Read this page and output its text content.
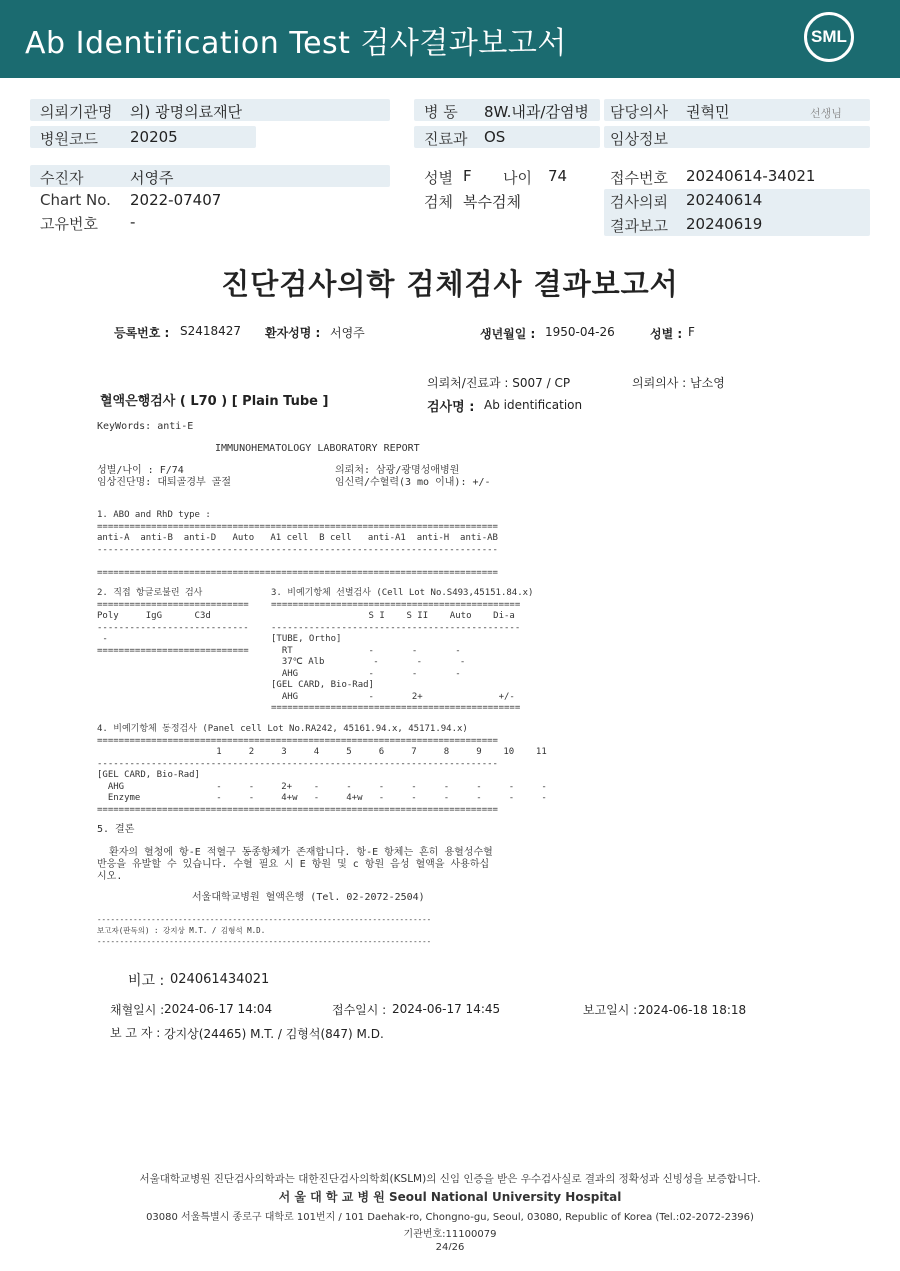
Ab Identification Test 검사결과보고서	SML
의뢰기관명 의) 광명의료재단	병 동 8W.내과/감염병 담당의사 권혁민	선생님
병원코드 20205	진료과 OS	임상정보
수진자	서영주	성별 F 나이 74	접수번호 20240614-34021
Chart No. 2022-07407	검체 복수검체	검사의뢰 20240614
고유번호 -	결과보고 20240619
진단검사의학 검체검사 결과보고서
등록번호 : S2418427 환자성명 : 서영주	생년월일 : 1950-04-26	성별 : F
의뢰처/진료과 : S007 / CP	의뢰의사 : 남소영
혈액은행검사 ( L70 ) [ Plain Tube ]	검사명 : Ab identification
KeyWords: anti-E
IMMUNOHEMATOLOGY LABORATORY REPORT
성별/나이 : F/74
임상진단명: 대퇴골경부 골절
의뢰처: 삼광/광명성애병원
임신력/수혈력(3 mo 이내): +/-
1. ABO and RhD type :
==========================================================================
anti-A  anti-B  anti-D   Auto   A1 cell  B cell   anti-A1  anti-H  anti-AB
--------------------------------------------------------------------------

==========================================================================
2. 직접 항글로불린 검사
============================
Poly     IgG      C3d
----------------------------
-
============================
3. 비예기항체 선별검사 (Cell Lot No.S493,45151.84.x)
==============================================
S I    S II    Auto    Di-a
----------------------------------------------
[TUBE, Ortho]
RT              -       -       -
37℃ Alb         -       -       -
AHG             -       -       -
[GEL CARD, Bio-Rad]
AHG             -       2+              +/-
==============================================
4. 비예기항체 동정검사 (Panel cell Lot No.RA242, 45161.94.x, 45171.94.x)
==========================================================================
1     2     3     4     5     6     7     8     9    10    11
--------------------------------------------------------------------------
[GEL CARD, Bio-Rad]
AHG                 -     -     2+    -     -     -     -     -     -     -     -
Enzyme              -     -     4+w   -     4+w   -     -     -     -     -     -
==========================================================================
5. 결론
환자의 혈청에 항-E 적혈구 동종항체가 존재합니다. 항-E 항체는 흔히 용혈성수혈
반응을 유발할 수 있습니다. 수혈 필요 시 E 항원 및 c 항원 음성 혈액을 사용하십
시오.
서울대학교병원 혈액은행 (Tel. 02-2072-2504)
--------------------------------------------------------------------------
보고자(판독의) : 강지상 M.T. / 김형석 M.D.
--------------------------------------------------------------------------
비고 : 024061434021
채혈일시 : 2024-06-17 14:04	접수일시 : 2024-06-17 14:45	보고일시 : 2024-06-18 18:18
보 고 자 : 강지상(24465) M.T. / 김형석(847) M.D.
서울대학교병원 진단검사의학과는 대한진단검사의학회(KSLM)의 신임 인증을 받은 우수검사실로 결과의 정확성과 신빙성을 보증합니다.
서 울 대 학 교 병 원 Seoul National University Hospital
03080 서울특별시 종로구 대학로 101번지 / 101 Daehak-ro, Chongno-gu, Seoul, 03080, Republic of Korea (Tel.:02-2072-2396)
기관번호:11100079
24/26
